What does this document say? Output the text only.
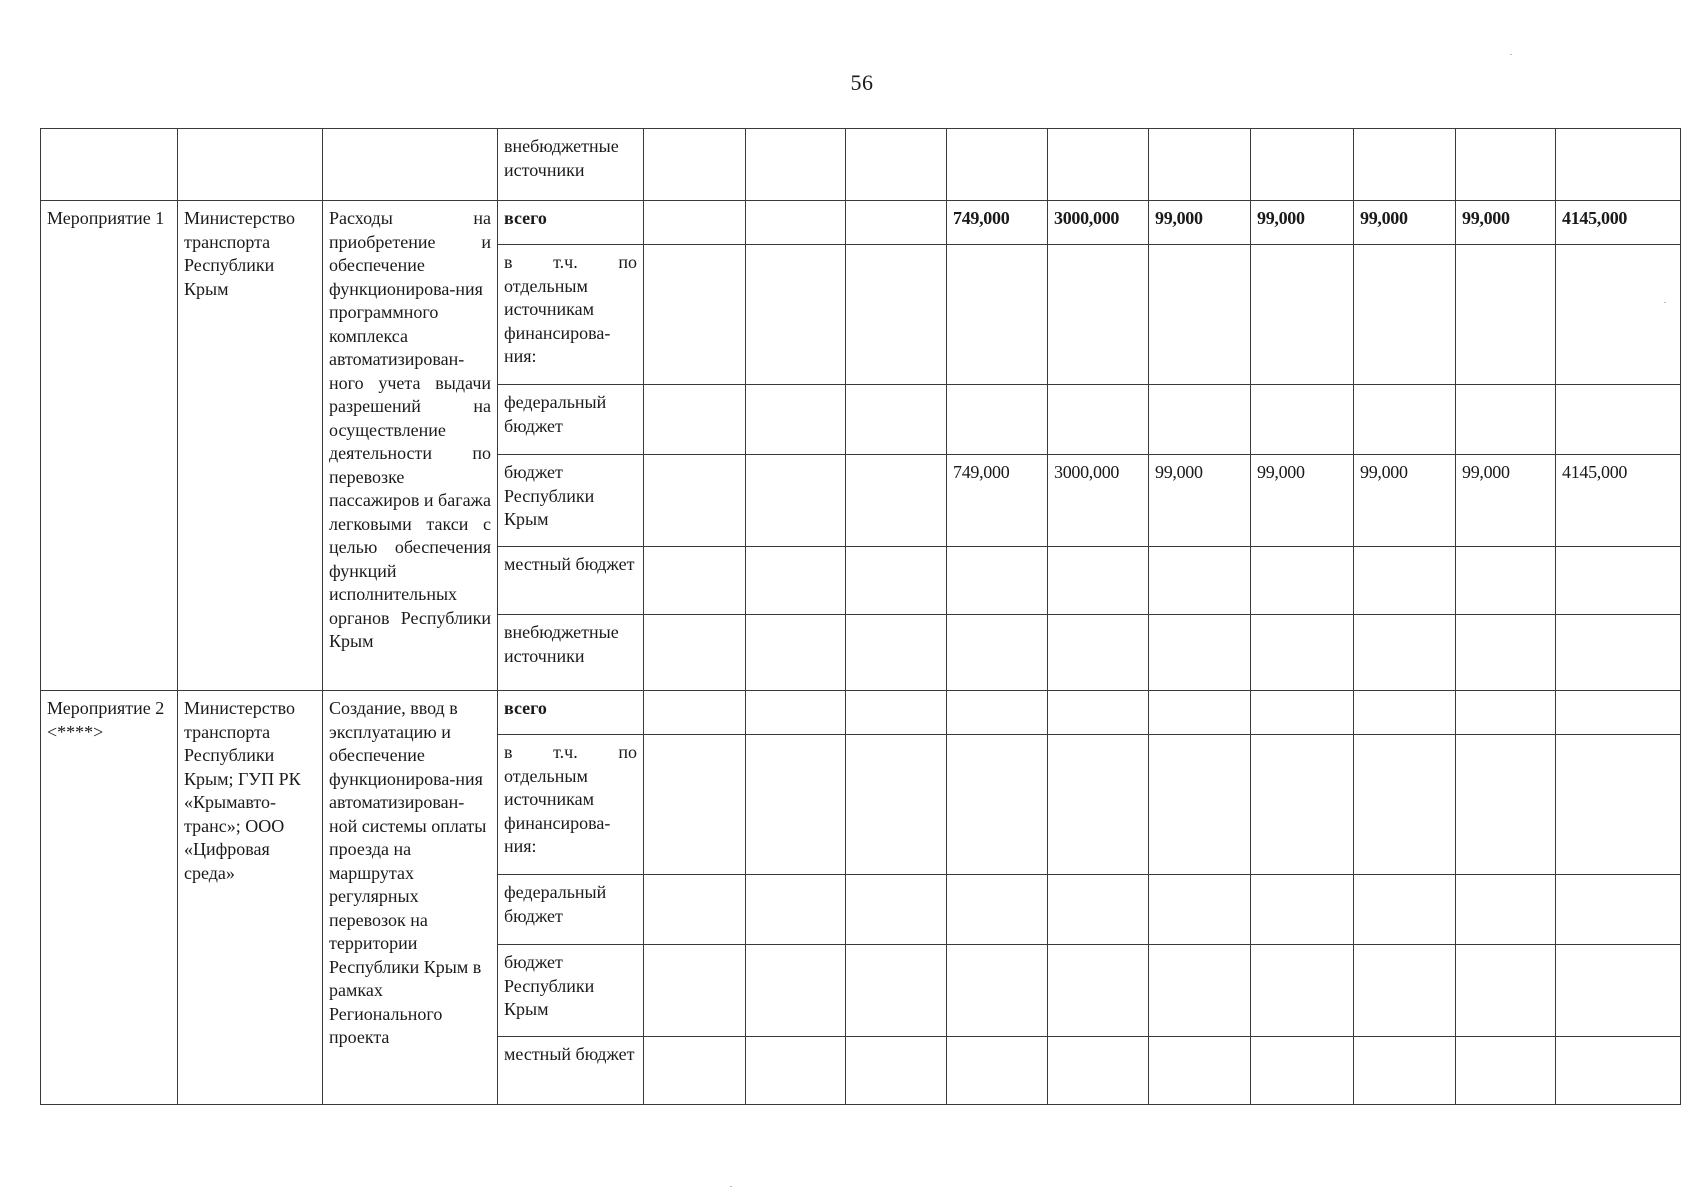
56
			внебюджетные источники										
Мероприятие 1	Министерство транспорта Республики Крым	Расходы на приобретение и обеспечение функционирова-ния программного комплекса автоматизирован-ного учета выдачи разрешений на осуществление деятельности по перевозке пассажиров и багажа легковыми такси с целью обеспечения функций исполнительных органов Республики Крым	всего				749,000	3000,000	99,000	99,000	99,000	99,000	4145,000
			в т.ч. по отдельным источникам финансирова-ния:										
			федеральный бюджет										
			бюджет Республики Крым				749,000	3000,000	99,000	99,000	99,000	99,000	4145,000
			местный бюджет										
			внебюджетные источники										
Мероприятие 2 <****>	Министерство транспорта Республики Крым; ГУП РК «Крымавто-транс»; ООО «Цифровая среда»	Создание, ввод в эксплуатацию и обеспечение функционирова-ния автоматизирован-ной системы оплаты проезда на маршрутах регулярных перевозок на территории Республики Крым в рамках Регионального проекта	всего										
			в т.ч. по отдельным источникам финансирова-ния:										
			федеральный бюджет										
			бюджет Республики Крым										
			местный бюджет										
